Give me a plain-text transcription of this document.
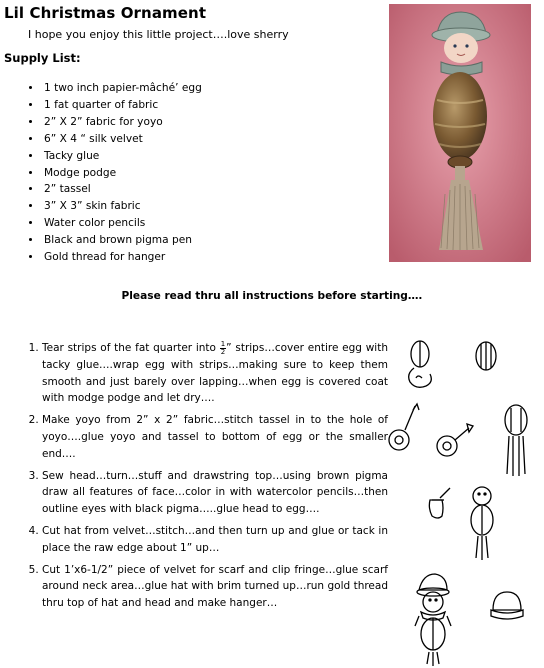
Lil Christmas Ornament
I hope you enjoy this little project….love sherry
Supply List:
• 1 two inch papier-mâché’ egg
• 1 fat quarter of fabric
• 2” X 2” fabric for yoyo
• 6” X 4 “ silk velvet
• Tacky glue
• Modge podge
• 2” tassel
• 3” X 3” skin fabric
• Water color pencils
• Black and brown pigma pen
• Gold thread for hanger
Please read thru all instructions before starting….
1. Tear strips of the fat quarter into $\frac{1}{2}$ ” strips…cover entire egg with tacky glue….wrap egg with strips…making sure to keep them smooth and just barely over lapping…when egg is covered coat with modge podge and let dry….
2. Make yoyo from 2” x 2” fabric…stitch tassel in to the hole of yoyo….glue yoyo and tassel to bottom of egg or the smaller end….
3. Sew head…turn…stuff and drawstring top…using brown pigma draw all features of face…color in with watercolor pencils…then outline eyes with black pigma…..glue head to egg….
4. Cut hat from velvet…stitch…and then turn up and glue or tack in place the raw edge about 1” up…
5. Cut 1’x6-1/2” piece of velvet for scarf and clip fringe…glue scarf around neck area…glue hat with brim turned up…run gold thread thru top of hat and head and make hanger…
